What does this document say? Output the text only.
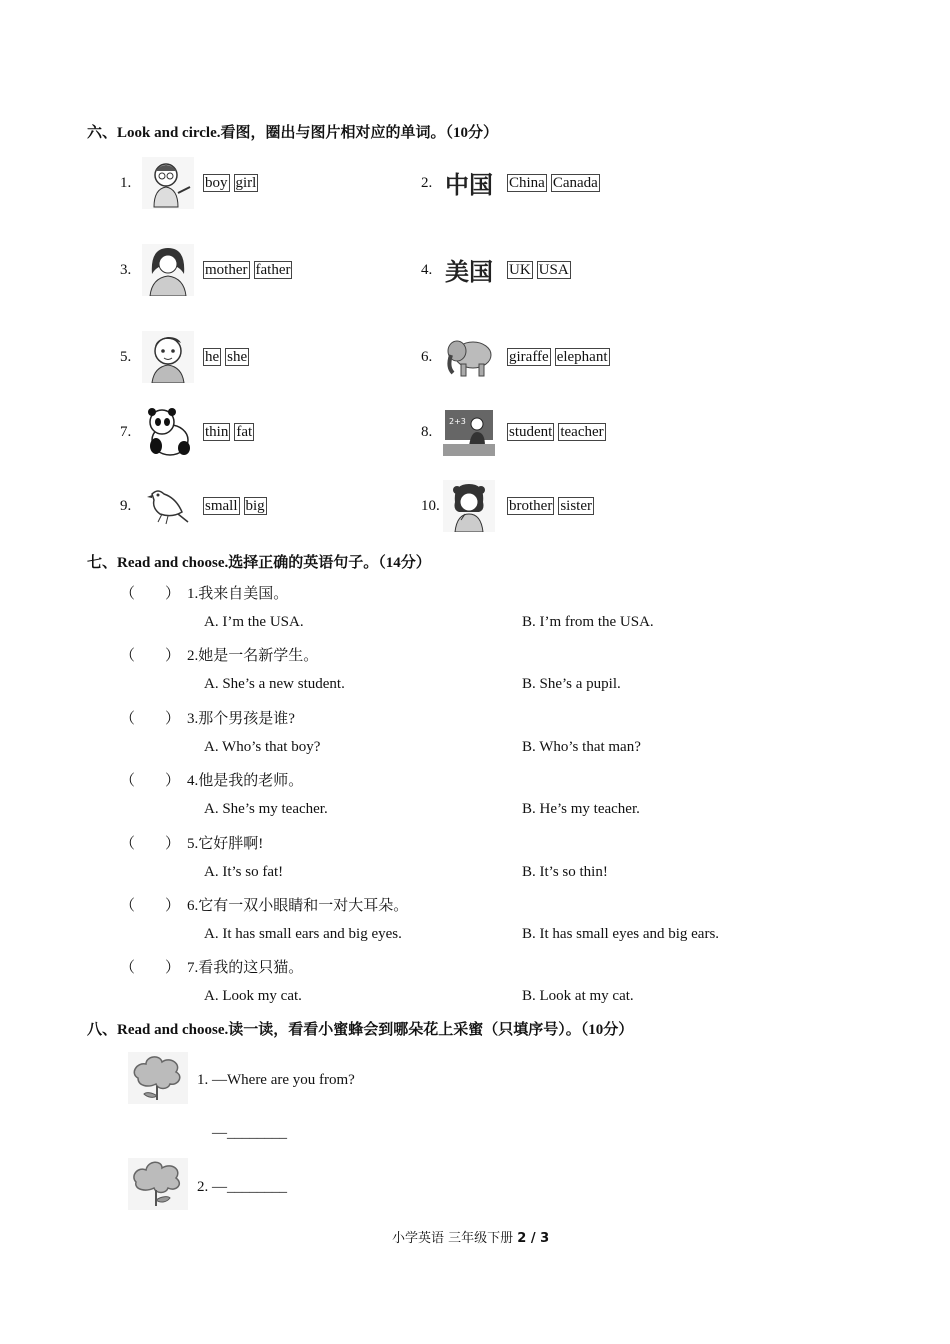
六、Look and circle.看图，圈出与图片相对应的单词。（10分）
1.	boy girl	2. 中国 China Canada
3.	mother father	4. 美国 UK USA
5.	he she	6.	giraffe elephant
7.	thin fat	8.
2+3
student teacher
9.	small big	10.	brother sister
七、Read and choose.选择正确的英语句子。（14分）
（　　） 1.我来自美国。
A. I’m the USA.	B. I’m from the USA.
（　　） 2.她是一名新学生。
A. She’s a new student.	B. She’s a pupil.
（　　） 3.那个男孩是谁?
A. Who’s that boy?	B. Who’s that man?
（　　） 4.他是我的老师。
A. She’s my teacher.	B. He’s my teacher.
（　　） 5.它好胖啊!
A. It’s so fat!	B. It’s so thin!
（　　） 6.它有一双小眼睛和一对大耳朵。
A. It has small ears and big eyes.	B. It has small eyes and big ears.
（　　） 7.看我的这只猫。
A. Look my cat.	B. Look at my cat.
八、Read and choose.读一读，看看小蜜蜂会到哪朵花上采蜜（只填序号）。（10分）
1. —Where are you from?
—________
2. —________
小学英语 三年级下册 2 / 3
